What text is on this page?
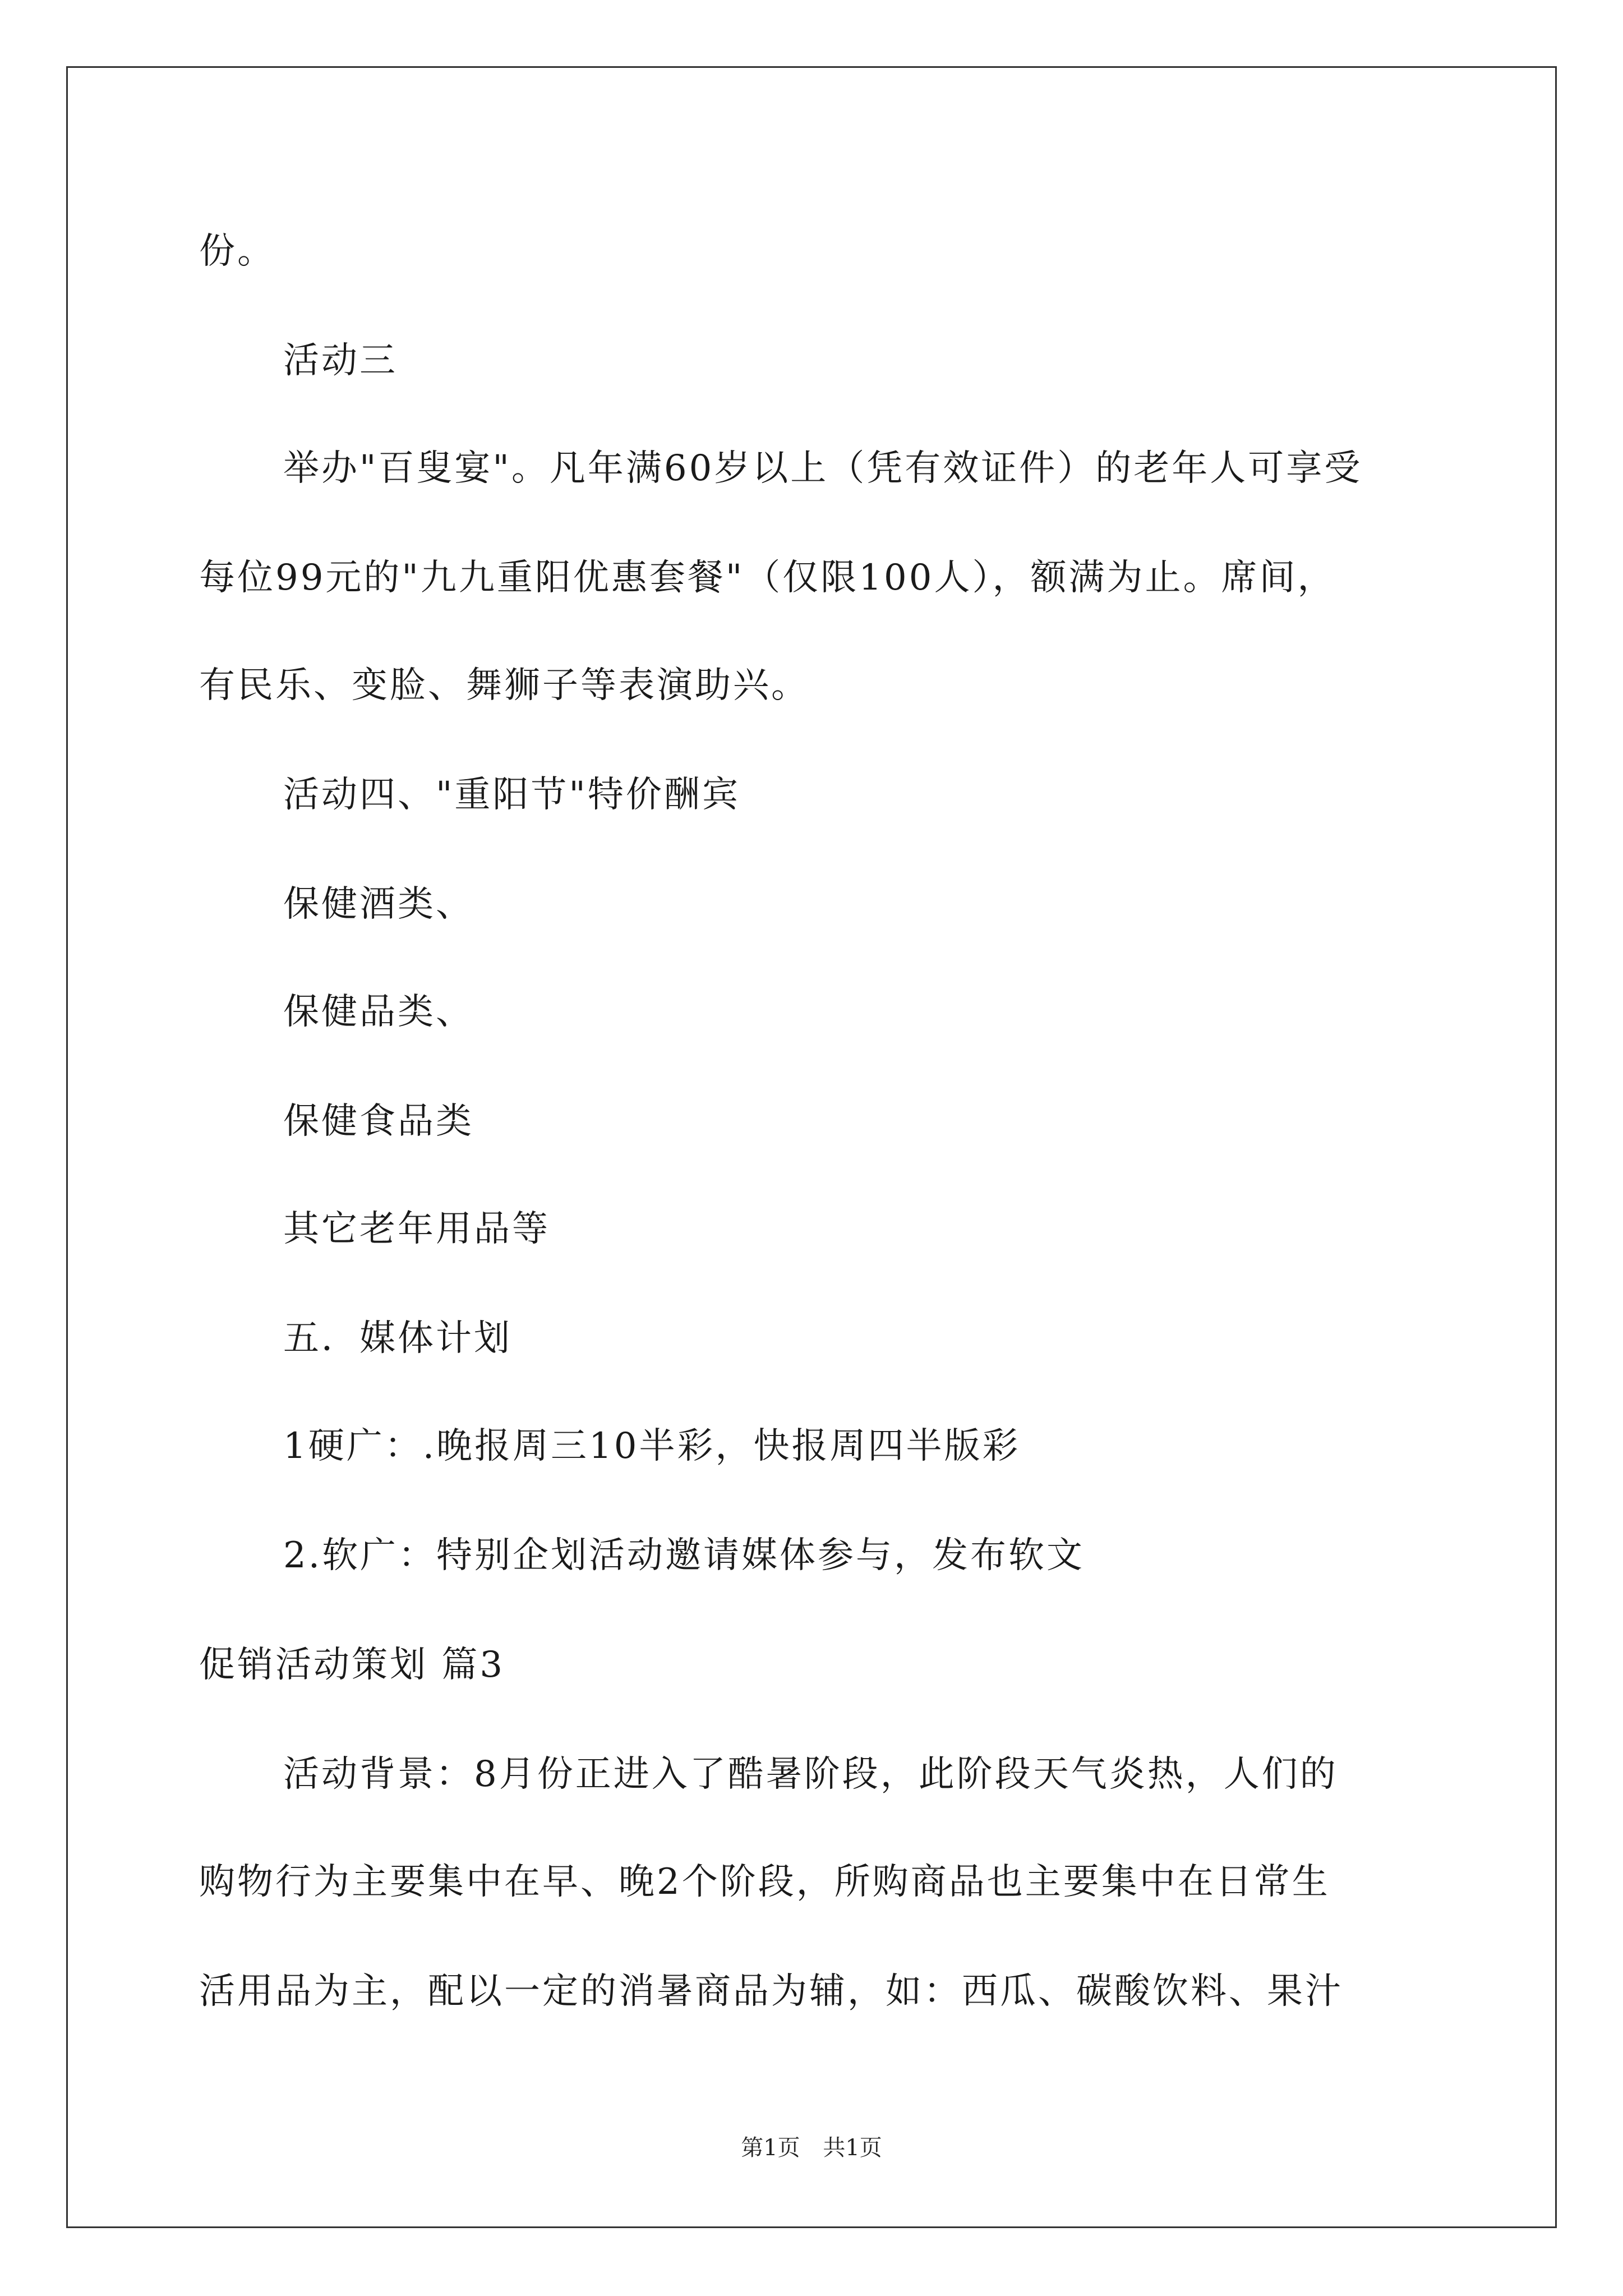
份。
活动三
举办"百叟宴"。凡年满60岁以上（凭有效证件）的老年人可享受
每位99元的"九九重阳优惠套餐"（仅限100人），额满为止。席间，
有民乐、变脸、舞狮子等表演助兴。
活动四、"重阳节"特价酬宾
保健酒类、
保健品类、
保健食品类
其它老年用品等
五．媒体计划
1硬广：.晚报周三10半彩，快报周四半版彩
2.软广：特别企划活动邀请媒体参与，发布软文
促销活动策划 篇3
活动背景：8月份正进入了酷暑阶段，此阶段天气炎热，人们的
购物行为主要集中在早、晚2个阶段，所购商品也主要集中在日常生
活用品为主，配以一定的消暑商品为辅，如：西瓜、碳酸饮料、果汁
第1页 共1页
